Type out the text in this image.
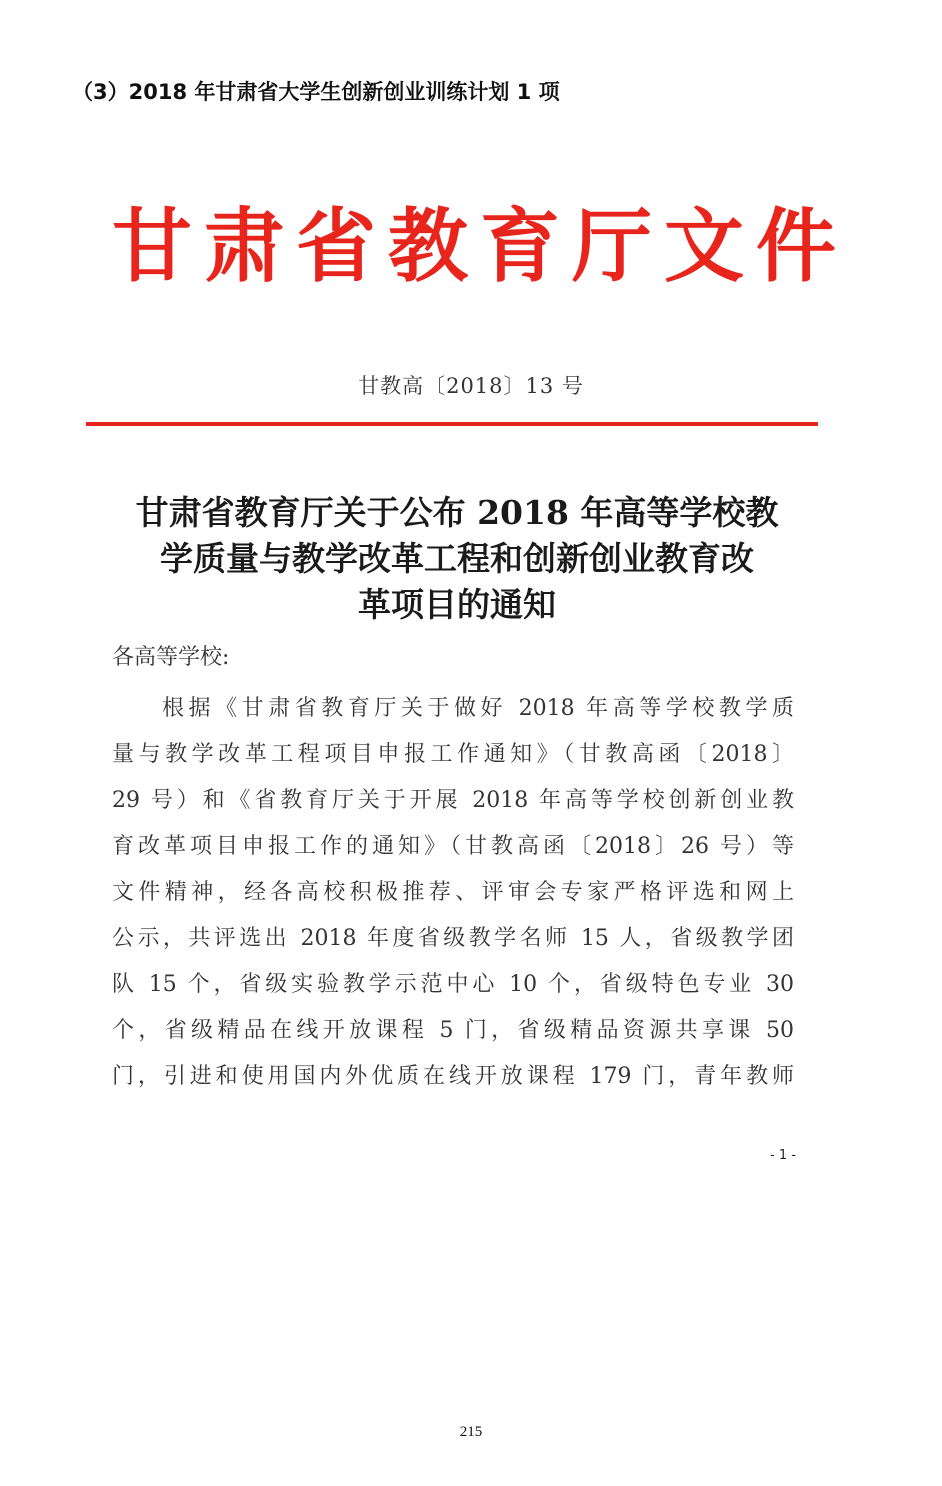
（3）2018 年甘肃省大学生创新创业训练计划 1 项
甘肃省教育厅文件
甘教高〔2018〕13 号
甘肃省教育厅关于公布 2018 年高等学校教
学质量与教学改革工程和创新创业教育改
革项目的通知
各高等学校:
根据《甘肃省教育厅关于做好 2018 年高等学校教学质
量与教学改革工程项目申报工作通知》（甘教高函〔2018〕
29 号）和《省教育厅关于开展 2018 年高等学校创新创业教
育改革项目申报工作的通知》（甘教高函〔2018〕26 号）等
文件精神，经各高校积极推荐、评审会专家严格评选和网上
公示，共评选出 2018 年度省级教学名师 15 人，省级教学团
队 15 个，省级实验教学示范中心 10 个，省级特色专业 30
个，省级精品在线开放课程 5 门，省级精品资源共享课 50
门，引进和使用国内外优质在线开放课程 179 门，青年教师
- 1 -
215
